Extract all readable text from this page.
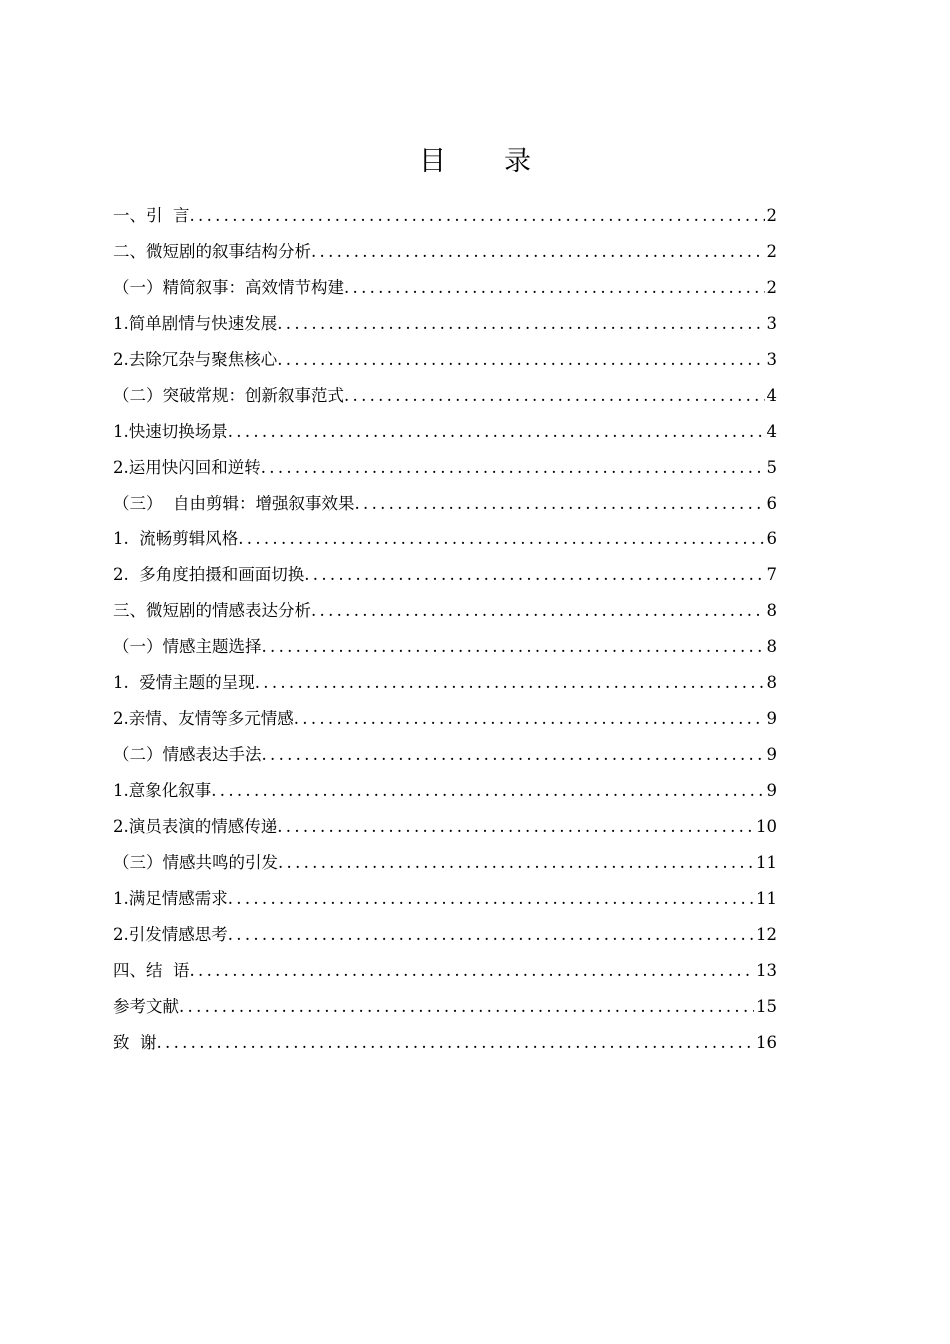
目 录
一、引  言 .....	2
二、微短剧的叙事结构分析 .....	2
（一）精简叙事：高效情节构建 .....	2
1.简单剧情与快速发展 .....	3
2.去除冗杂与聚焦核心 .....	3
（二）突破常规：创新叙事范式 .....	4
1.快速切换场景 .....	4
2.运用快闪回和逆转 .....	5
（三）  自由剪辑：增强叙事效果 .....	6
1.  流畅剪辑风格 .....	6
2.  多角度拍摄和画面切换 .....	7
三、微短剧的情感表达分析 .....	8
（一）情感主题选择 .....	8
1.  爱情主题的呈现 .....	8
2.亲情、友情等多元情感 .....	9
（二）情感表达手法 .....	9
1.意象化叙事 .....	9
2.演员表演的情感传递 .....	10
（三）情感共鸣的引发 .....	11
1.满足情感需求 .....	11
2.引发情感思考 .....	12
四、结  语 .....	13
参考文献 .....	15
致  谢 .....	16
